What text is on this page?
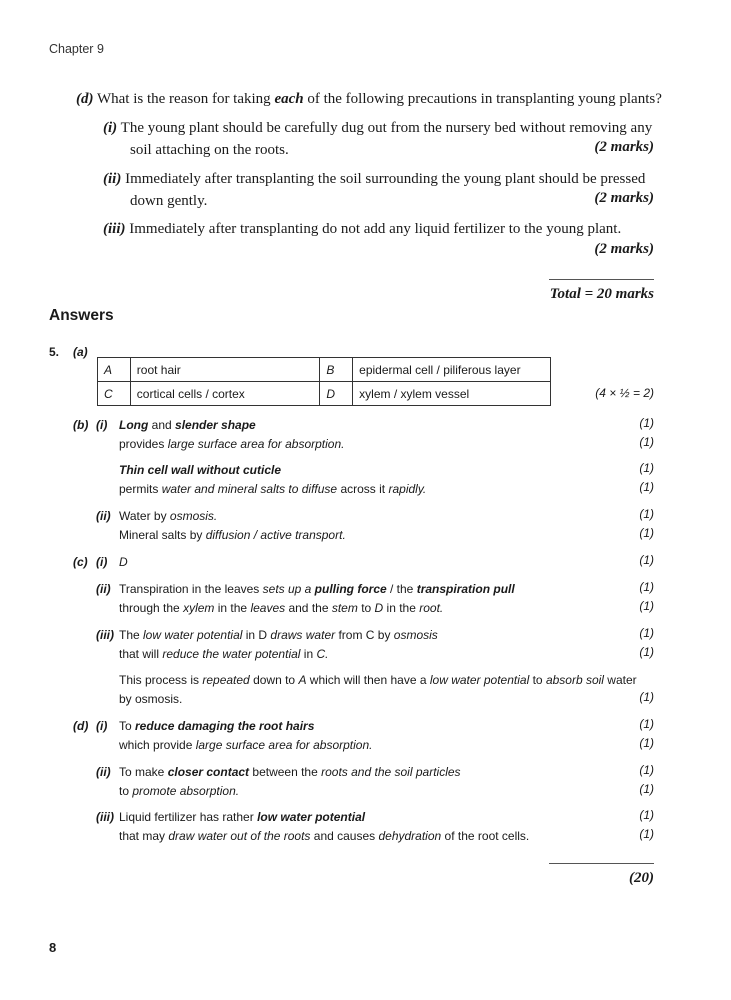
Chapter 9
(d) What is the reason for taking each of the following precautions in transplanting young plants?
(i) The young plant should be carefully dug out from the nursery bed without removing any
soil attaching on the roots.	(2 marks)
(ii) Immediately after transplanting the soil surrounding the young plant should be pressed
down gently.	(2 marks)
(iii) Immediately after transplanting do not add any liquid fertilizer to the young plant.
(2 marks)
Total = 20 marks
Answers
5. (a)
A	root hair	B	epidermal cell / piliferous layer
C	cortical cells / cortex	D	xylem / xylem vessel	(4 × ½ = 2)
(b) (i) Long and slender shape	(1)
provides large surface area for absorption.	(1)
Thin cell wall without cuticle	(1)
permits water and mineral salts to diffuse across it rapidly.	(1)
(ii) Water by osmosis.	(1)
Mineral salts by diffusion / active transport.	(1)
(c) (i) D	(1)
(ii) Transpiration in the leaves sets up a pulling force / the transpiration pull	(1)
through the xylem in the leaves and the stem to D in the root.	(1)
(iii) The low water potential in D draws water from C by osmosis	(1)
that will reduce the water potential in C.	(1)
This process is repeated down to A which will then have a low water potential to absorb soil water
by osmosis.	(1)
(d) (i) To reduce damaging the root hairs	(1)
which provide large surface area for absorption.	(1)
(ii) To make closer contact between the roots and the soil particles	(1)
to promote absorption.	(1)
(iii) Liquid fertilizer has rather low water potential	(1)
that may draw water out of the roots and causes dehydration of the root cells.	(1)
(20)
8
